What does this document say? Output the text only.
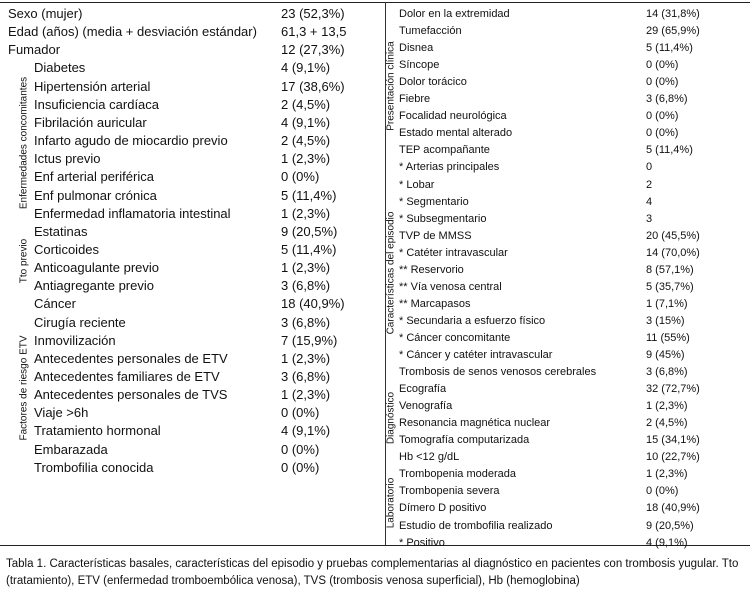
Sexo (mujer)	23 (52,3%)
Edad (años) (media + desviación estándar) 61,3 + 13,5
Fumador	12 (27,3%)
Diabetes	4 (9,1%)
Hipertensión arterial	17 (38,6%)
Insuficiencia cardíaca	2 (4,5%)
Fibrilación auricular	4 (9,1%)
Infarto agudo de miocardio previo	2 (4,5%)
Ictus previo	1 (2,3%)
Enf arterial periférica	0 (0%)
Enf pulmonar crónica	5 (11,4%)
Enfermedad inflamatoria intestinal	1 (2,3%)
Enfermedades concomitantes
Estatinas	9 (20,5%)
Corticoides	5 (11,4%)
Anticoagulante previo	1 (2,3%)
Antiagregante previo	3 (6,8%)
Tto previo
Cáncer	18 (40,9%)
Cirugía reciente	3 (6,8%)
Inmovilización	7 (15,9%)
Antecedentes personales de ETV	1 (2,3%)
Antecedentes familiares de ETV	3 (6,8%)
Antecedentes personales de TVS	1 (2,3%)
Viaje >6h	0 (0%)
Tratamiento hormonal	4 (9,1%)
Embarazada	0 (0%)
Trombofilia conocida	0 (0%)
Factores de riesgo ETV
Dolor en la extremidad	14 (31,8%)
Tumefacción	29 (65,9%)
Disnea	5 (11,4%)
Síncope	0 (0%)
Dolor torácico	0 (0%)
Fiebre	3 (6,8%)
Focalidad neurológica	0 (0%)
Estado mental alterado	0 (0%)
TEP acompañante	5 (11,4%)
Presentación clínica
* Arterias principales	0
* Lobar	2
* Segmentario	4
* Subsegmentario	3
TVP de MMSS	20 (45,5%)
* Catéter intravascular	14 (70,0%)
** Reservorio	8 (57,1%)
** Vía venosa central	5 (35,7%)
** Marcapasos	1 (7,1%)
* Secundaria a esfuerzo físico	3 (15%)
* Cáncer concomitante	11 (55%)
* Cáncer y catéter intravascular	9 (45%)
Trombosis de senos venosos cerebrales	3 (6,8%)
Características del episodio
Ecografía	32 (72,7%)
Venografía	1 (2,3%)
Resonancia magnética nuclear	2 (4,5%)
Tomografía computarizada	15 (34,1%)
Diagnóstico
Hb <12 g/dL	10 (22,7%)
Trombopenia moderada	1 (2,3%)
Trombopenia severa	0 (0%)
Dímero D positivo	18 (40,9%)
Estudio de trombofilia realizado	9 (20,5%)
* Positivo	4 (9,1%)
Laboratorio
Tabla 1. Características basales, características del episodio y pruebas complementarias al diagnóstico en pacientes con trombosis yugular. Tto (tratamiento), ETV (enfermedad tromboembólica venosa), TVS (trombosis venosa superficial), Hb (hemoglobina)
